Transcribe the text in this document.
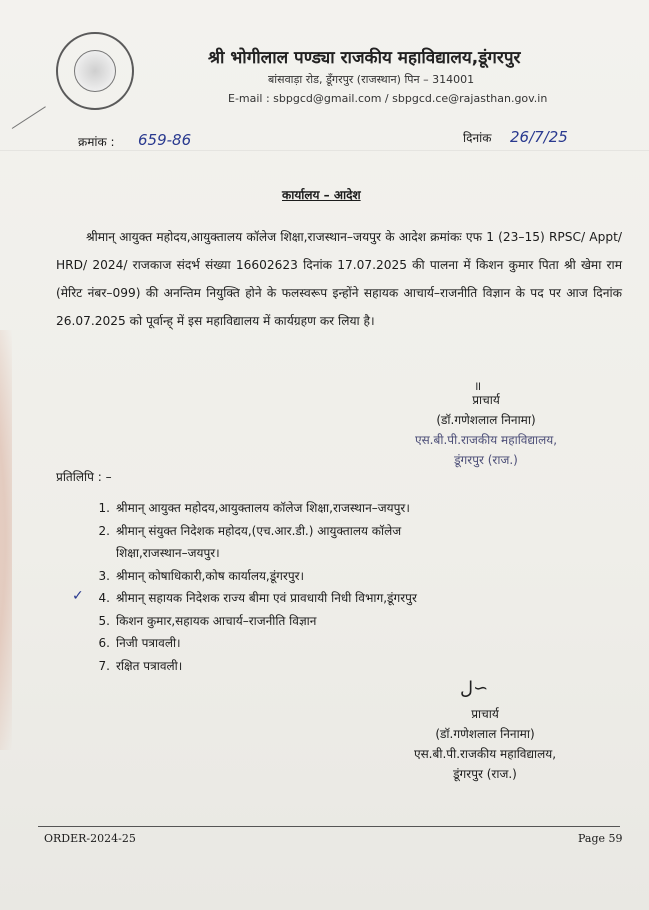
श्री भोगीलाल पण्ड्या राजकीय महाविद्यालय,डूंगरपुर
बांसवाड़ा रोड, डूँगरपुर (राजस्थान) पिन – 314001
E-mail : sbpgcd@gmail.com / sbpgcd.ce@rajasthan.gov.in
क्रमांक : 659-86	दिनांक 26/7/25
कार्यालय – आदेश
श्रीमान् आयुक्त महोदय,आयुक्तालय कॉलेज शिक्षा,राजस्थान–जयपुर के आदेश क्रमांकः एफ 1 (23–15) RPSC/ Appt/ HRD/ 2024/ राजकाज संदर्भ संख्या 16602623 दिनांक 17.07.2025 की पालना में किशन कुमार पिता श्री खेमा राम (मेरिट नंबर–099) की अनन्तिम नियुक्ति होने के फलस्वरूप इन्होंने सहायक आचार्य–राजनीति विज्ञान के पद पर आज दिनांक 26.07.2025 को पूर्वान्ह् में इस महाविद्यालय में कार्यग्रहण कर लिया है।
॥
प्राचार्य
(डॉ.गणेशलाल निनामा)
एस.बी.पी.राजकीय महाविद्यालय,
डूंगरपुर (राज.)
प्रतिलिपि : –
1. श्रीमान् आयुक्त महोदय,आयुक्तालय कॉलेज शिक्षा,राजस्थान–जयपुर।
2. श्रीमान् संयुक्त निदेशक महोदय,(एच.आर.डी.) आयुक्तालय कॉलेज
शिक्षा,राजस्थान–जयपुर।
3. श्रीमान् कोषाधिकारी,कोष कार्यालय,डूंगरपुर।
4. श्रीमान् सहायक निदेशक राज्य बीमा एवं प्रावधायी निधी विभाग,डूंगरपुर
5. किशन कुमार,सहायक आचार्य–राजनीति विज्ञान
6. निजी पत्रावली।
7. रक्षित पत्रावली।
✓
ل∽
प्राचार्य
(डॉ.गणेशलाल निनामा)
एस.बी.पी.राजकीय महाविद्यालय,
डूंगरपुर (राज.)
ORDER-2024-25	Page 59
